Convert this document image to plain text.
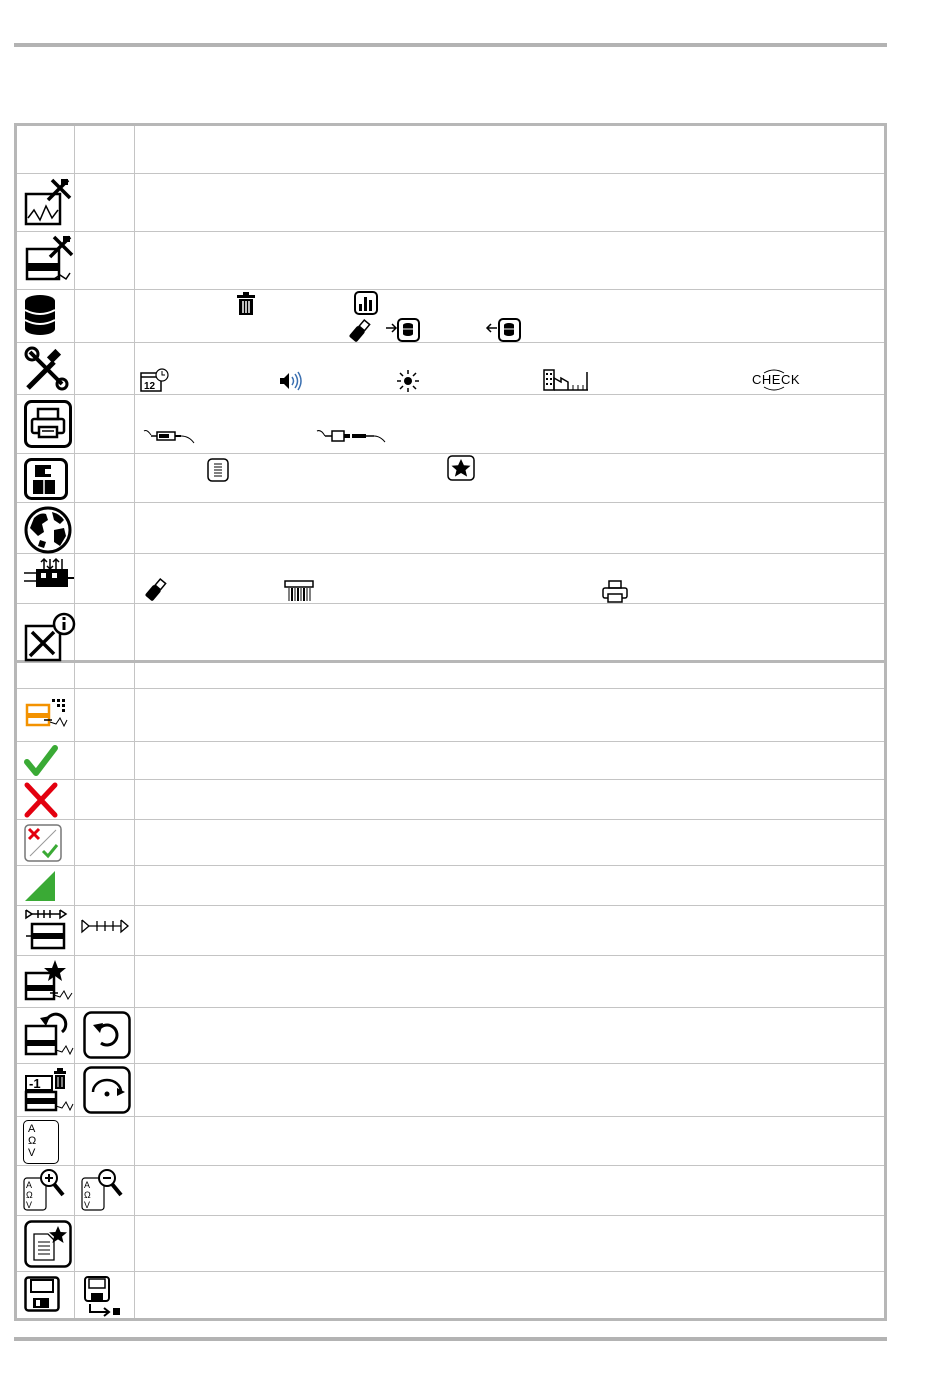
12	CHECK
-1
A
Ω
V
A
Ω
V
A
Ω
V
